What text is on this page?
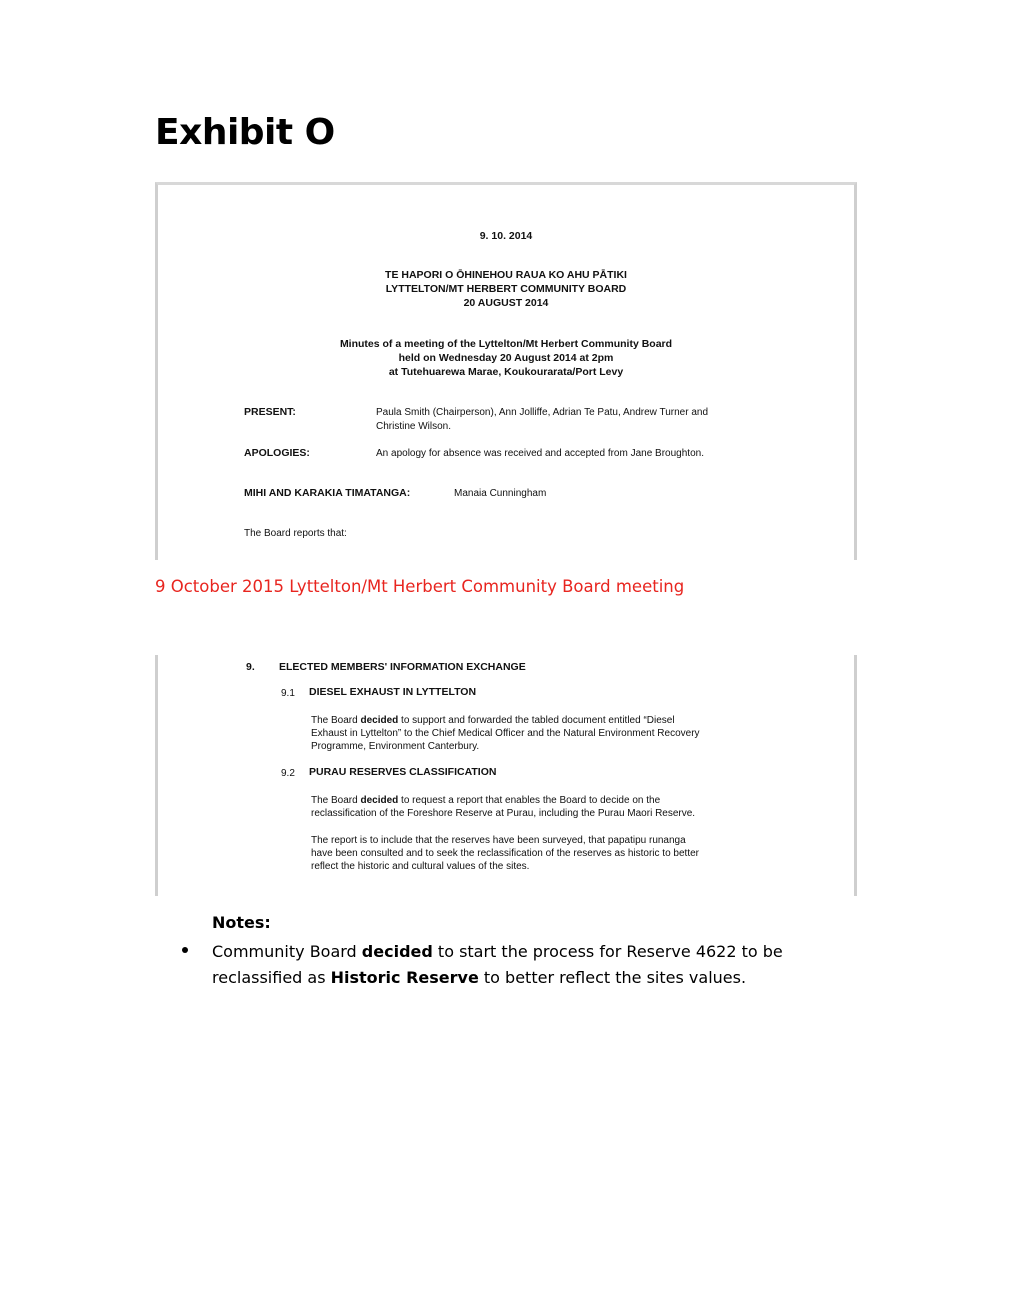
Exhibit O
9. 10. 2014
TE HAPORI O ŌHINEHOU RAUA KO AHU PĀTIKI
LYTTELTON/MT HERBERT COMMUNITY BOARD
20 AUGUST 2014
Minutes of a meeting of the Lyttelton/Mt Herbert Community Board
held on Wednesday 20 August 2014 at 2pm
at Tutehuarewa Marae, Koukourarata/Port Levy
PRESENT:	Paula Smith (Chairperson), Ann Jolliffe, Adrian Te Patu, Andrew Turner and
Christine Wilson.
APOLOGIES:	An apology for absence was received and accepted from Jane Broughton.
MIHI AND KARAKIA TIMATANGA:	Manaia Cunningham
The Board reports that:
9 October 2015 Lyttelton/Mt Herbert Community Board meeting
9. ELECTED MEMBERS' INFORMATION EXCHANGE
9.1 DIESEL EXHAUST IN LYTTELTON
The Board decided to support and forwarded the tabled document entitled “Diesel
Exhaust in Lyttelton” to the Chief Medical Officer and the Natural Environment Recovery
Programme, Environment Canterbury.
9.2 PURAU RESERVES CLASSIFICATION
The Board decided to request a report that enables the Board to decide on the
reclassification of the Foreshore Reserve at Purau, including the Purau Maori Reserve.
The report is to include that the reserves have been surveyed, that papatipu runanga
have been consulted and to seek the reclassification of the reserves as historic to better
reflect the historic and cultural values of the sites.
Notes:
Community Board decided to start the process for Reserve 4622 to be reclassified as Historic Reserve to better reflect the sites values.
